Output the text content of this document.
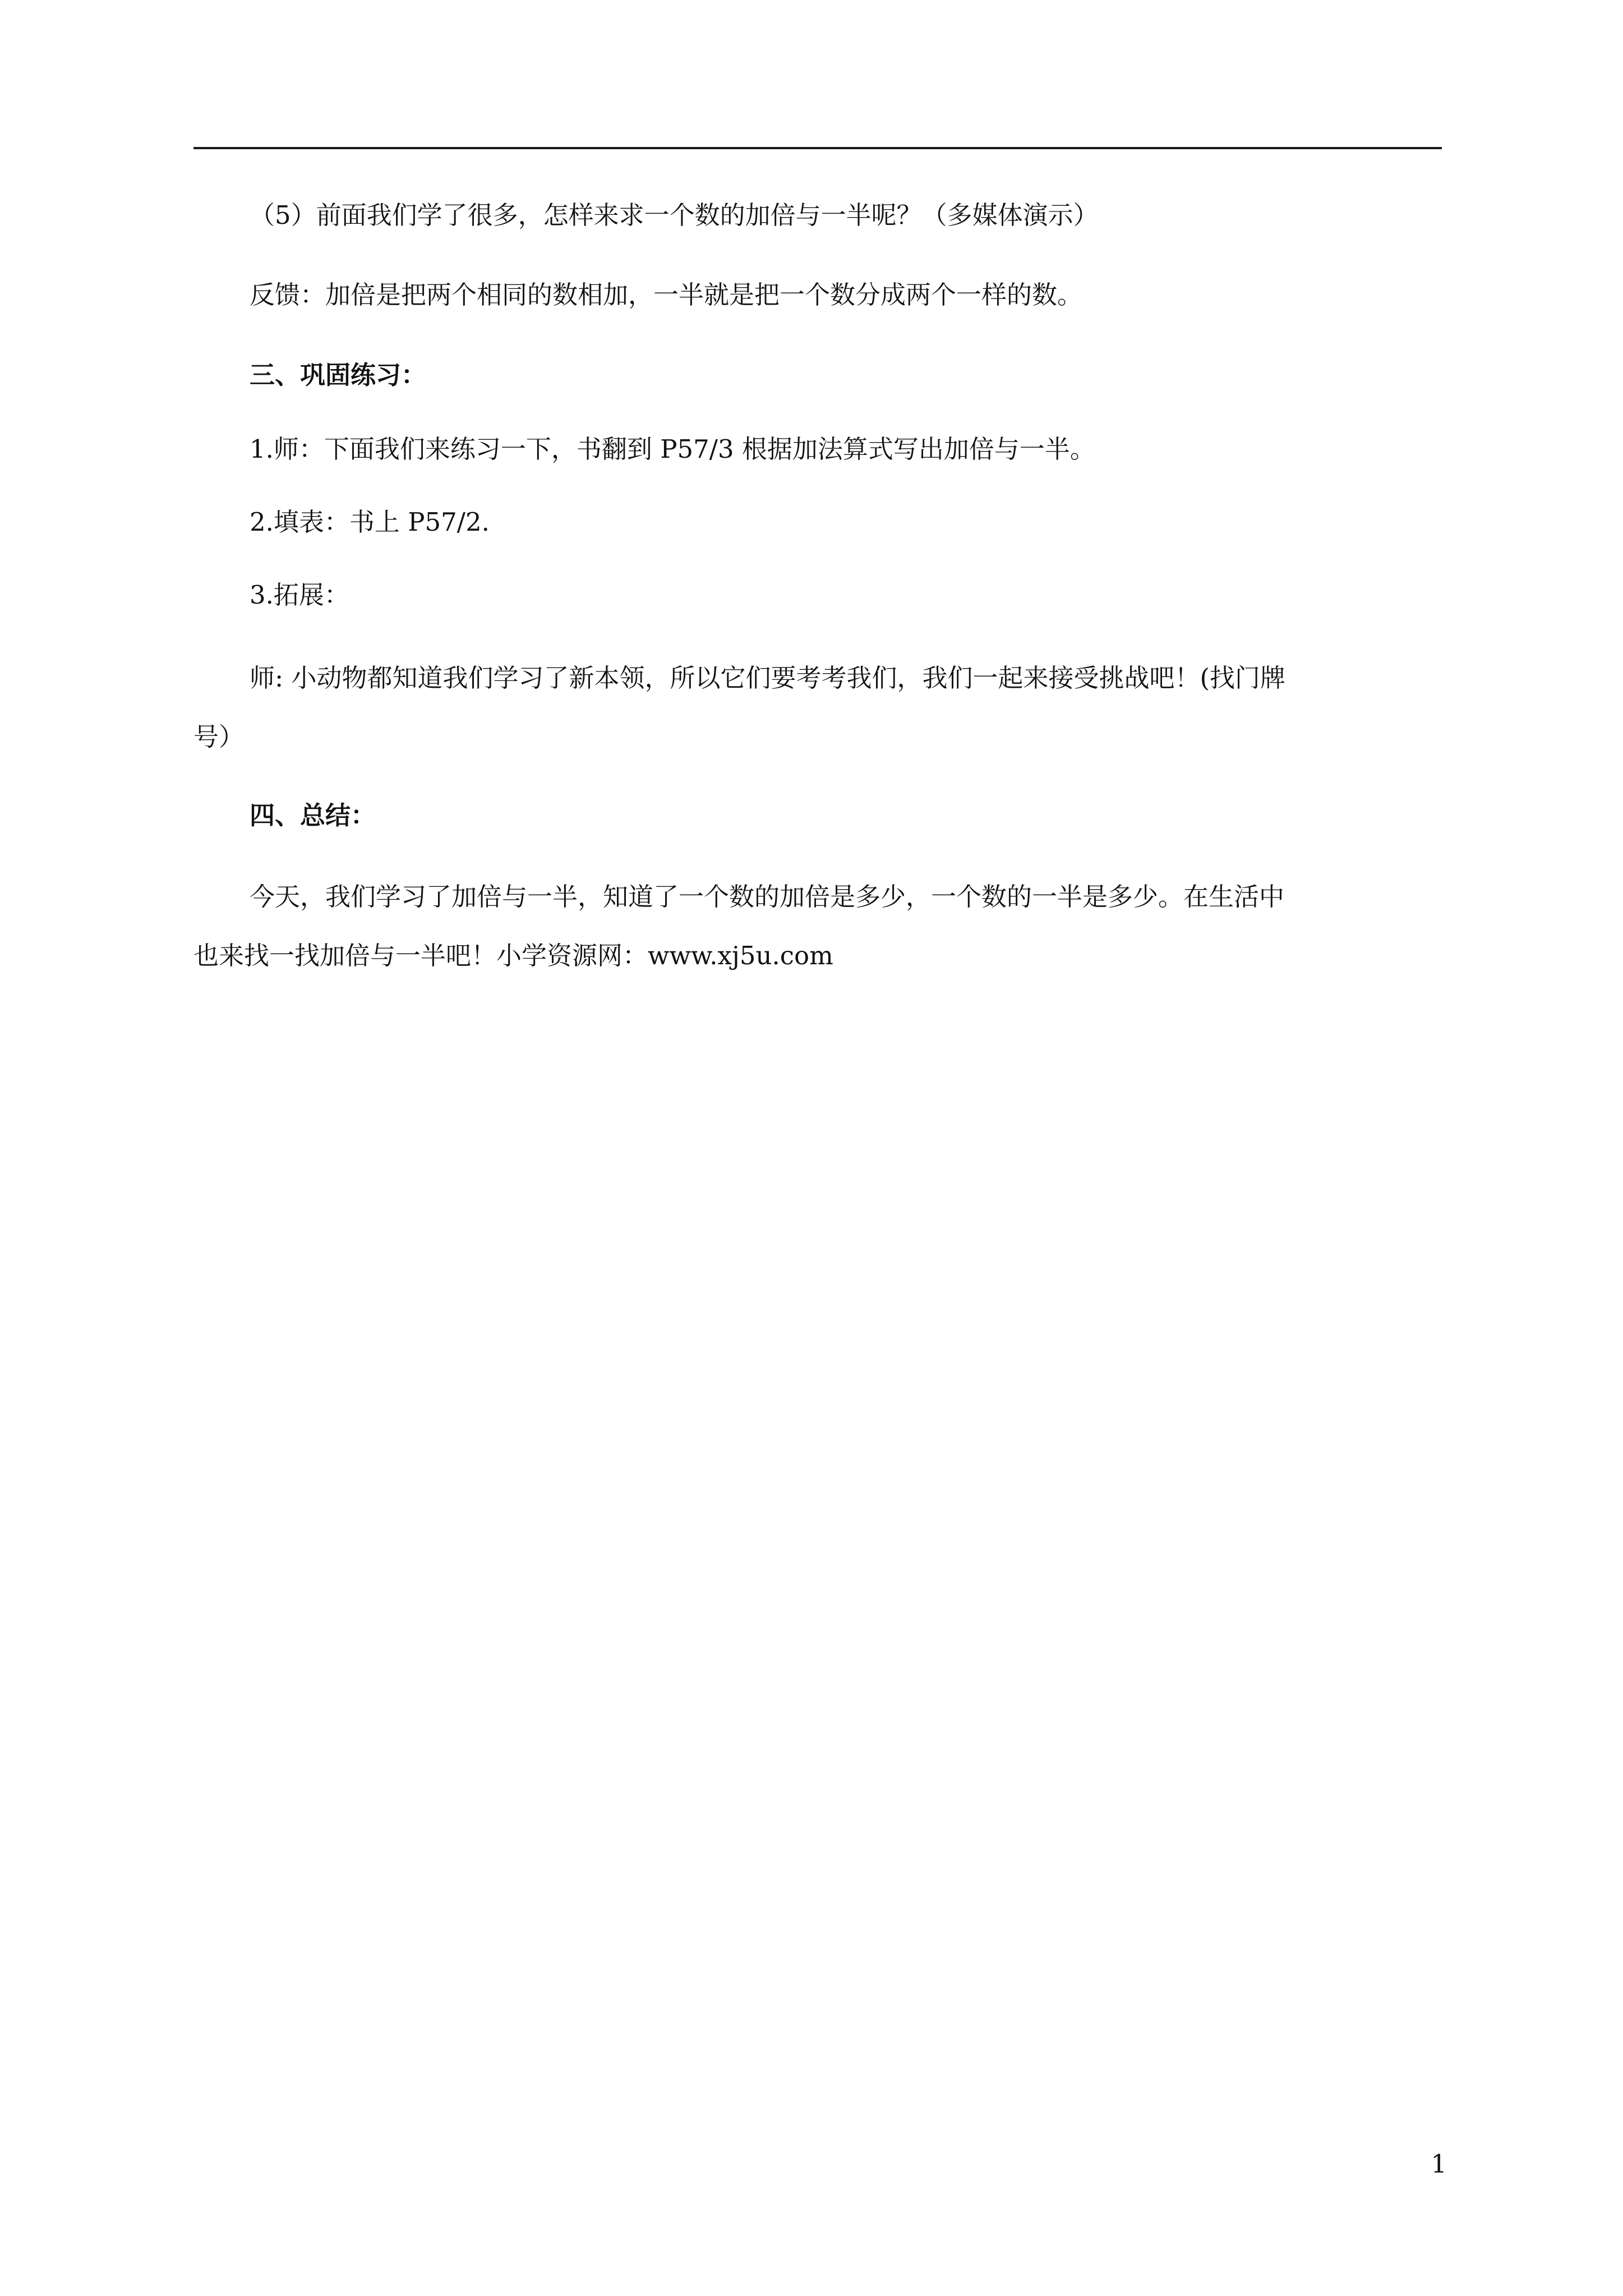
（5）前面我们学了很多，怎样来求一个数的加倍与一半呢？（多媒体演示）

反馈：加倍是把两个相同的数相加，一半就是把一个数分成两个一样的数。

三、巩固练习：

1.师：下面我们来练习一下，书翻到 P57/3 根据加法算式写出加倍与一半。

2.填表：书上 P57/2.

3.拓展：

师: 小动物都知道我们学习了新本领，所以它们要考考我们，我们一起来接受挑战吧！(找门牌

号）

四、总结：

今天，我们学习了加倍与一半，知道了一个数的加倍是多少，一个数的一半是多少。在生活中

也来找一找加倍与一半吧！小学资源网：www.xj5u.com

1
